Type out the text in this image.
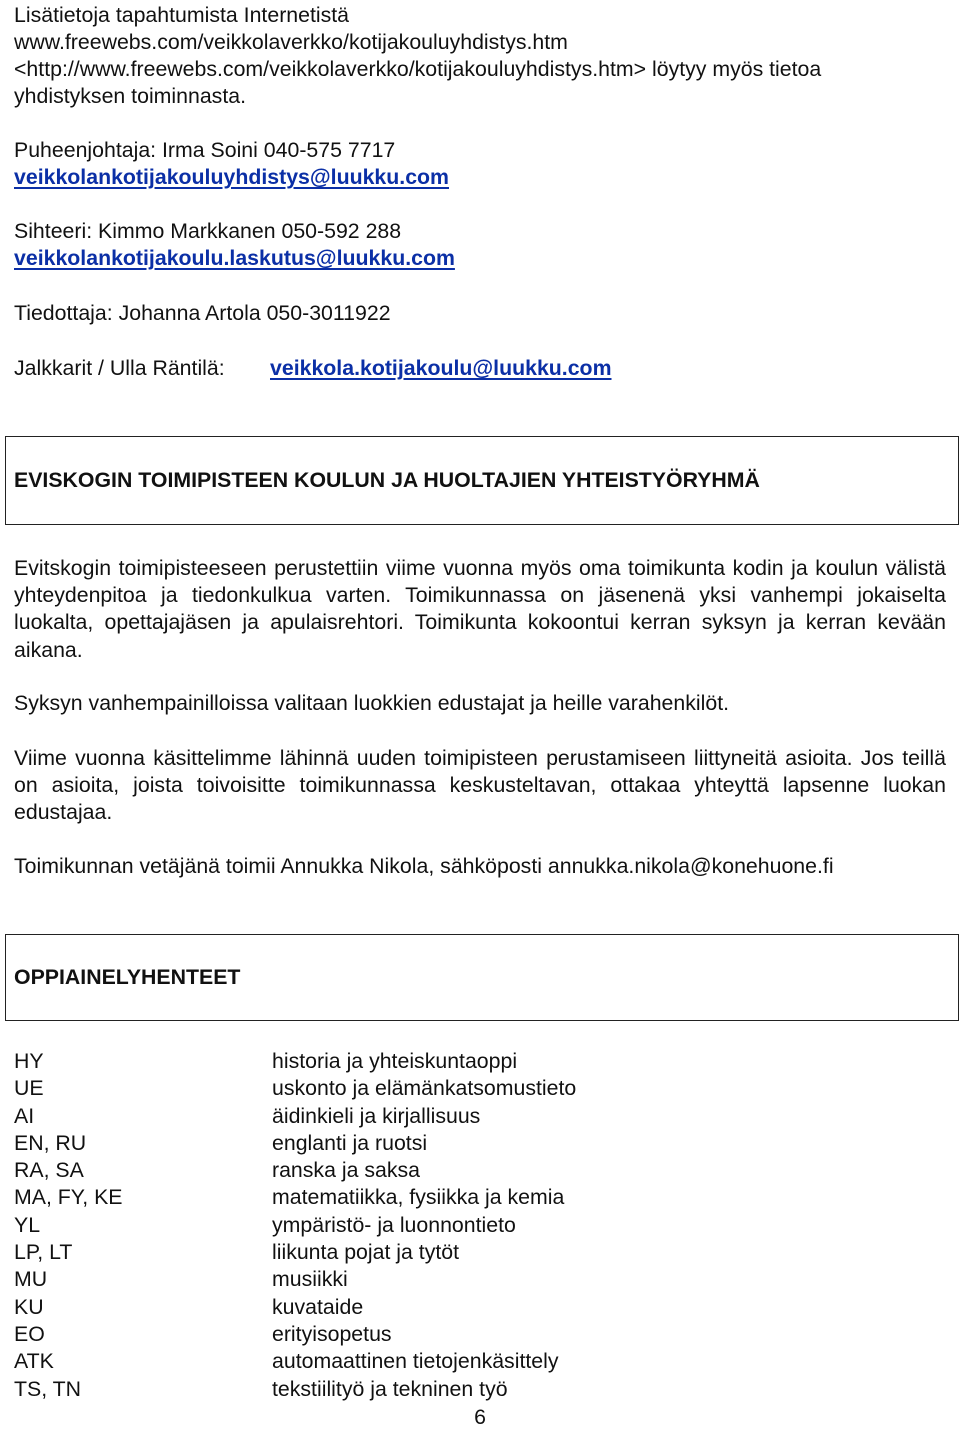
Lisätietoja tapahtumista Internetistä
www.freewebs.com/veikkolaverkko/kotijakouluyhdistys.htm
<http://www.freewebs.com/veikkolaverkko/kotijakouluyhdistys.htm> löytyy myös tietoa
yhdistyksen toiminnasta.
Puheenjohtaja: Irma Soini 040-575 7717
veikkolankotijakouluyhdistys@luukku.com
Sihteeri: Kimmo Markkanen 050-592 288
veikkolankotijakoulu.laskutus@luukku.com
Tiedottaja: Johanna Artola 050-3011922
Jalkkarit / Ulla Räntilä: veikkola.kotijakoulu@luukku.com
EVISKOGIN TOIMIPISTEEN KOULUN JA HUOLTAJIEN YHTEISTYÖRYHMÄ
Evitskogin toimipisteeseen perustettiin viime vuonna myös oma toimikunta kodin ja koulun välistä yhteydenpitoa ja tiedonkulkua varten. Toimikunnassa on jäsenenä yksi vanhempi jokaiselta luokalta, opettajajäsen ja apulaisrehtori. Toimikunta kokoontui kerran syksyn ja kerran kevään aikana.
Syksyn vanhempainilloissa valitaan luokkien edustajat ja heille varahenkilöt.
Viime vuonna käsittelimme lähinnä uuden toimipisteen perustamiseen liittyneitä asioita. Jos teillä on asioita, joista toivoisitte toimikunnassa keskusteltavan, ottakaa yhteyttä lapsenne luokan edustajaa.
Toimikunnan vetäjänä toimii Annukka Nikola, sähköposti annukka.nikola@konehuone.fi
OPPIAINELYHENTEET
HY
UE
AI
EN, RU
RA, SA
MA, FY, KE
YL
LP, LT
MU
KU
EO
ATK
TS, TN
historia ja yhteiskuntaoppi
uskonto ja elämänkatsomustieto
äidinkieli ja kirjallisuus
englanti ja ruotsi
ranska ja saksa
matematiikka, fysiikka ja kemia
ympäristö- ja luonnontieto
liikunta pojat ja tytöt
musiikki
kuvataide
erityisopetus
automaattinen tietojenkäsittely
tekstiilityö ja tekninen työ
6
